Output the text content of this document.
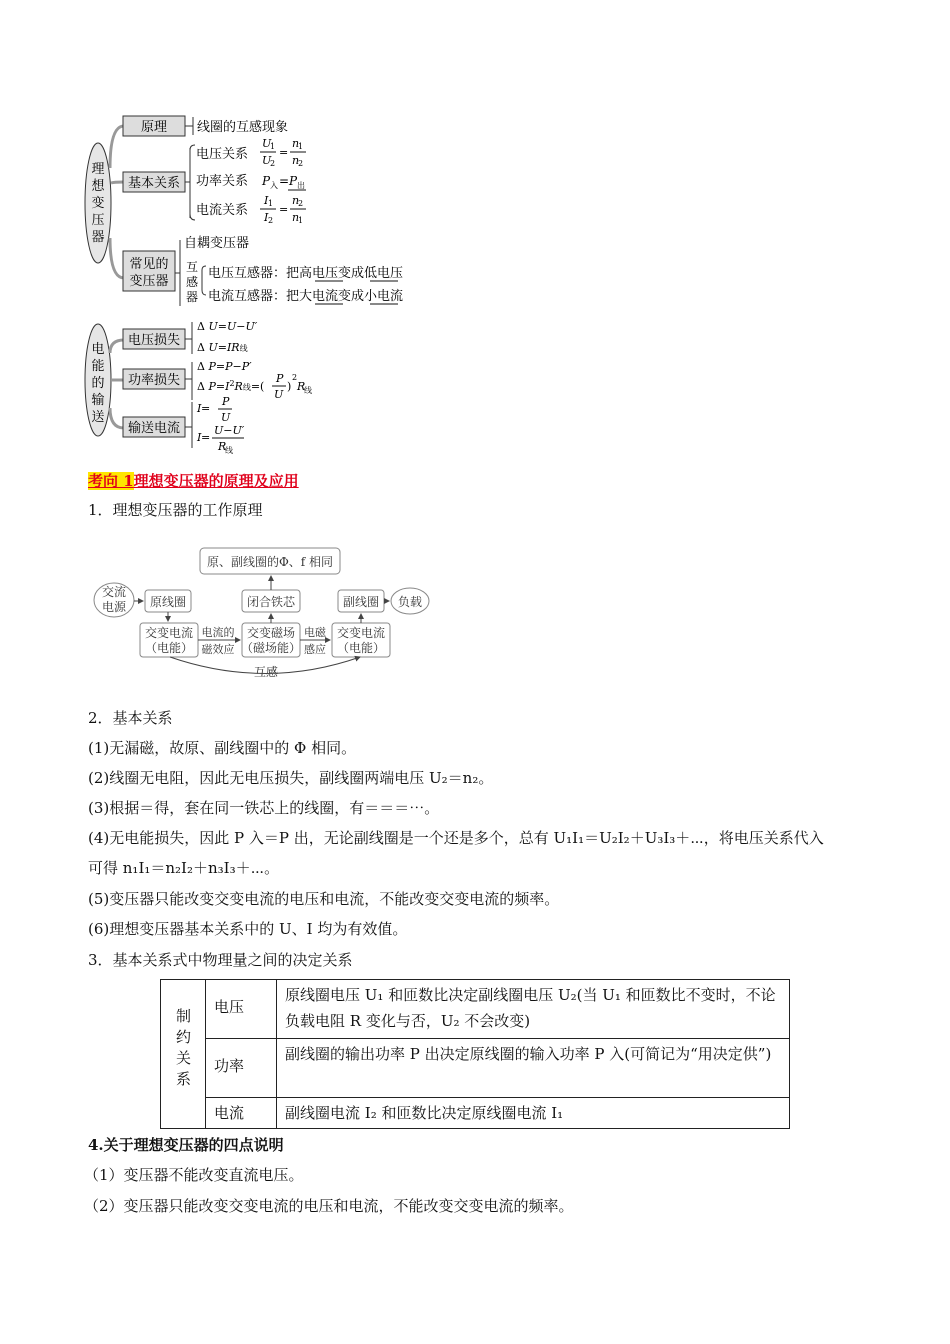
理
想
变
压
器
原理 线圈的互感现象
基本关系
电压关系
U
1
U
2
=
n
1
n
2
功率关系 P 入 = P 出
电流关系
I 1
I 2
=
n
2
n
1
常见的变压器
自耦变压器
互感器
电压互感器：把高电压变成低电压
电流互感器：把大电流变成小电流
电
能
的
输
送
电压损失
Δ U=U−U′
Δ U=IR线
功率损失
Δ P=P−P′
Δ $P=I^2R$线=(
P
U
)
2
R
线
输送电流
I =
P
U
I =
U−U′
R
线
考向 1理想变压器的原理及应用
1．理想变压器的工作原理
原、副线圈的Φ、f 相同
交流
电源 原线圈	闭合铁芯	副线圈 负载
交变电流
（电能）
交变磁场
（磁场能）
交变电流
（电能）
电流的
磁效应
电磁
感应
互感
2．基本关系
(1)无漏磁，故原、副线圈中的 Φ 相同。
(2)线圈无电阻，因此无电压损失，副线圈两端电压 U₂＝n₂。
(3)根据＝得，套在同一铁芯上的线圈，有＝＝＝⋯。
(4)无电能损失，因此 P 入＝P 出，无论副线圈是一个还是多个，总有 U₁I₁＝U₂I₂＋U₃I₃＋⋯，将电压关系代入
可得 n₁I₁＝n₂I₂＋n₃I₃＋⋯。
(5)变压器只能改变交变电流的电压和电流，不能改变交变电流的频率。
(6)理想变压器基本关系中的 U、I 均为有效值。
3．基本关系式中物理量之间的决定关系
制约关系	电压	原线圈电压 U₁ 和匝数比决定副线圈电压 U₂(当 U₁ 和匝数比不变时，不论负载电阻 R 变化与否，U₂ 不会改变)
	功率	副线圈的输出功率 P 出决定原线圈的输入功率 P 入(可简记为“用决定供”)
	电流	副线圈电流 I₂ 和匝数比决定原线圈电流 I₁
4.关于理想变压器的四点说明
（1）变压器不能改变直流电压。
（2）变压器只能改变交变电流的电压和电流，不能改变交变电流的频率。
